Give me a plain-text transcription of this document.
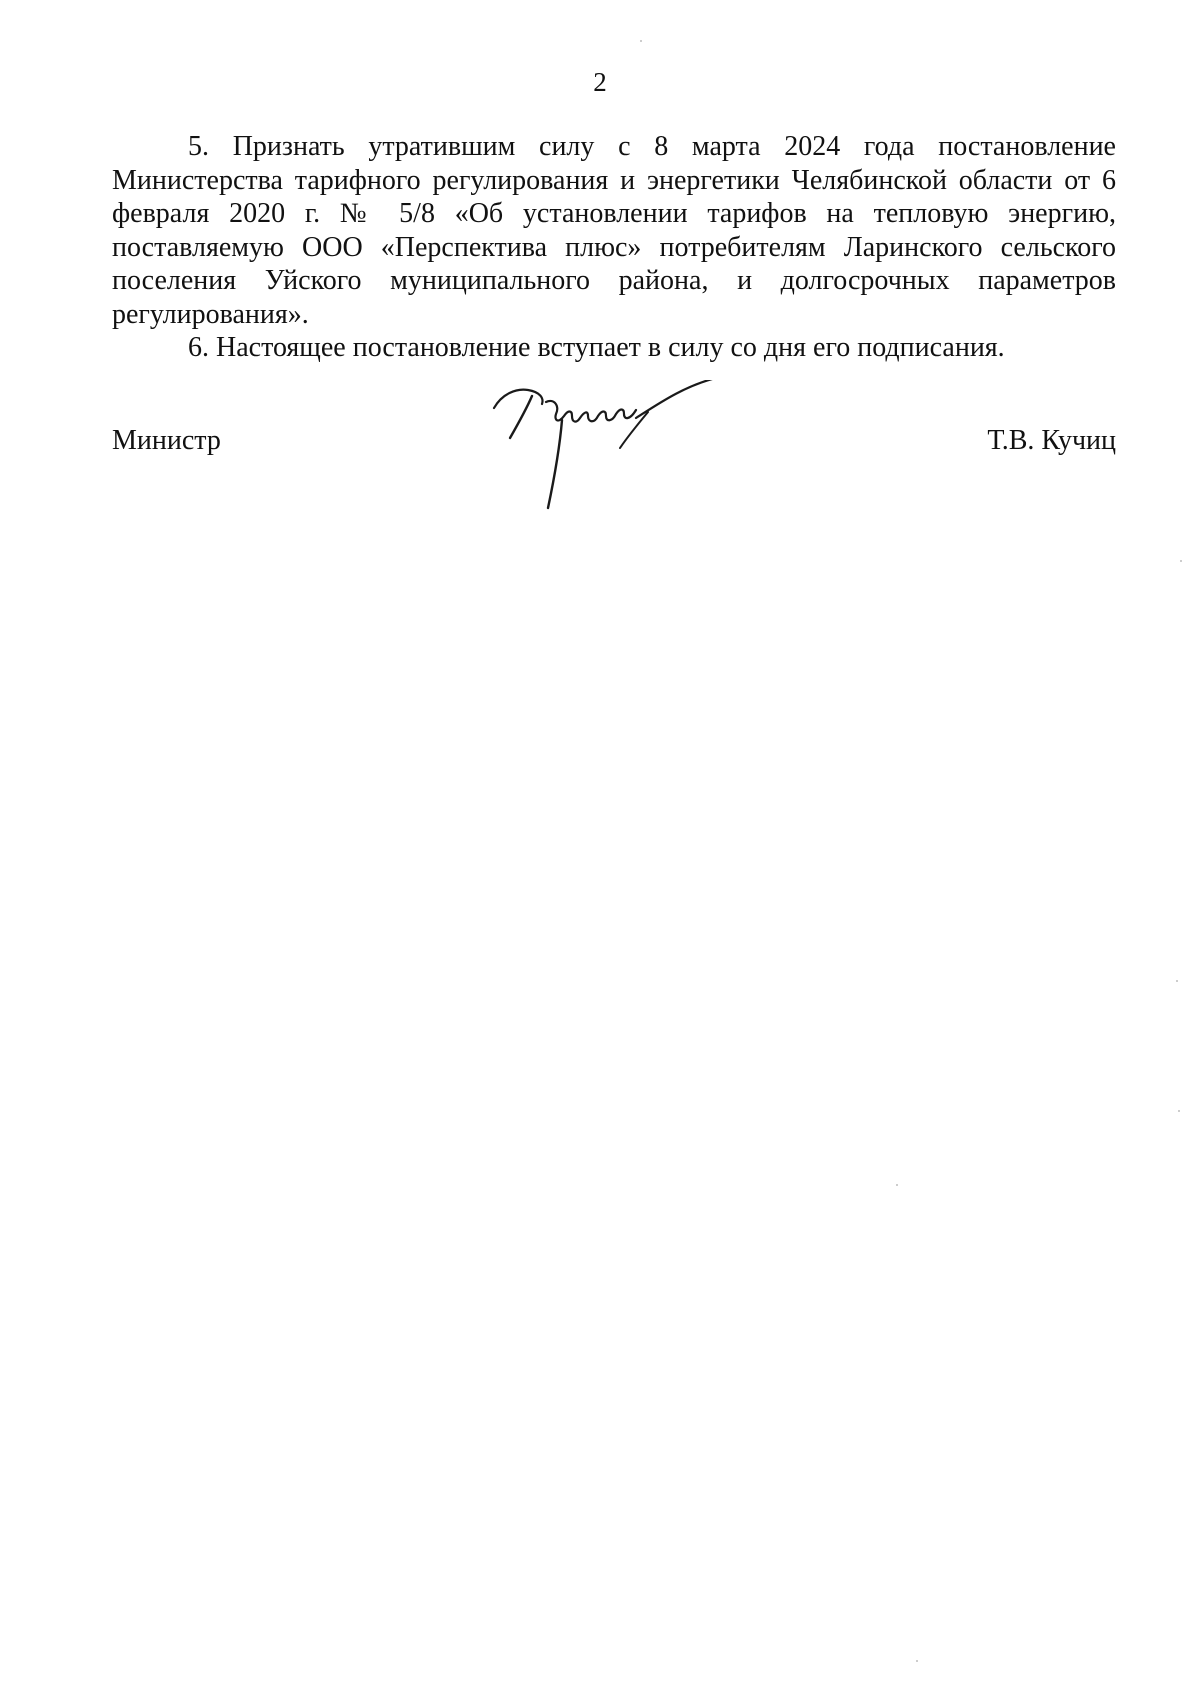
2

5. Признать утратившим силу с 8 марта 2024 года постановление Министерства тарифного регулирования и энергетики Челябинской области от 6 февраля 2020 г. № 5/8 «Об установлении тарифов на тепловую энергию, поставляемую ООО «Перспектива плюс» потребителям Ларинского сельского поселения Уйского муниципального района, и долгосрочных параметров регулирования».

6. Настоящее постановление вступает в силу со дня его подписания.

Министр	Т.В. Кучиц
